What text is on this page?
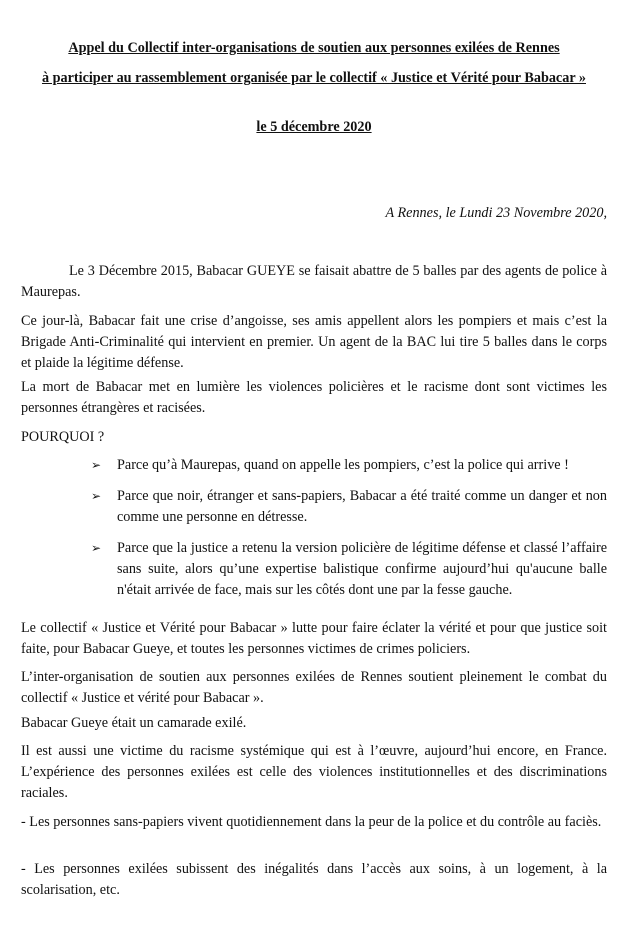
Appel du Collectif inter-organisations de soutien aux personnes exilées de Rennes

à participer au rassemblement organisée par le collectif « Justice et Vérité pour Babacar »

le 5 décembre 2020

A Rennes, le Lundi 23 Novembre 2020,

Le 3 Décembre 2015, Babacar GUEYE se faisait abattre de 5 balles par des agents de police à Maurepas.

Ce jour-là, Babacar fait une crise d’angoisse, ses amis appellent alors les pompiers et mais c’est la Brigade Anti-Criminalité qui intervient en premier. Un agent de la BAC lui tire 5 balles dans le corps et plaide la légitime défense.

La mort de Babacar met en lumière les violences policières et le racisme dont sont victimes les personnes étrangères et racisées.

POURQUOI ?

➢ Parce qu’à Maurepas, quand on appelle les pompiers, c’est la police qui arrive !
➢ Parce que noir, étranger et sans-papiers, Babacar a été traité comme un danger et non comme une personne en détresse.
➢ Parce que la justice a retenu la version policière de légitime défense et classé l’affaire sans suite, alors qu’une expertise balistique confirme aujourd’hui qu'aucune balle n'était arrivée de face, mais sur les côtés dont une par la fesse gauche.

Le collectif « Justice et Vérité pour Babacar » lutte pour faire éclater la vérité et pour que justice soit faite, pour Babacar Gueye, et toutes les personnes victimes de crimes policiers.

L’inter-organisation de soutien aux personnes exilées de Rennes soutient pleinement le combat du collectif « Justice et vérité pour Babacar ».

Babacar Gueye était un camarade exilé.

Il est aussi une victime du racisme systémique qui est à l’œuvre, aujourd’hui encore, en France. L’expérience des personnes exilées est celle des violences institutionnelles et des discriminations raciales.

- Les personnes sans-papiers vivent quotidiennement dans la peur de la police et du contrôle au faciès.

- Les personnes exilées subissent des inégalités dans l’accès aux soins, à un logement, à la scolarisation, etc.
